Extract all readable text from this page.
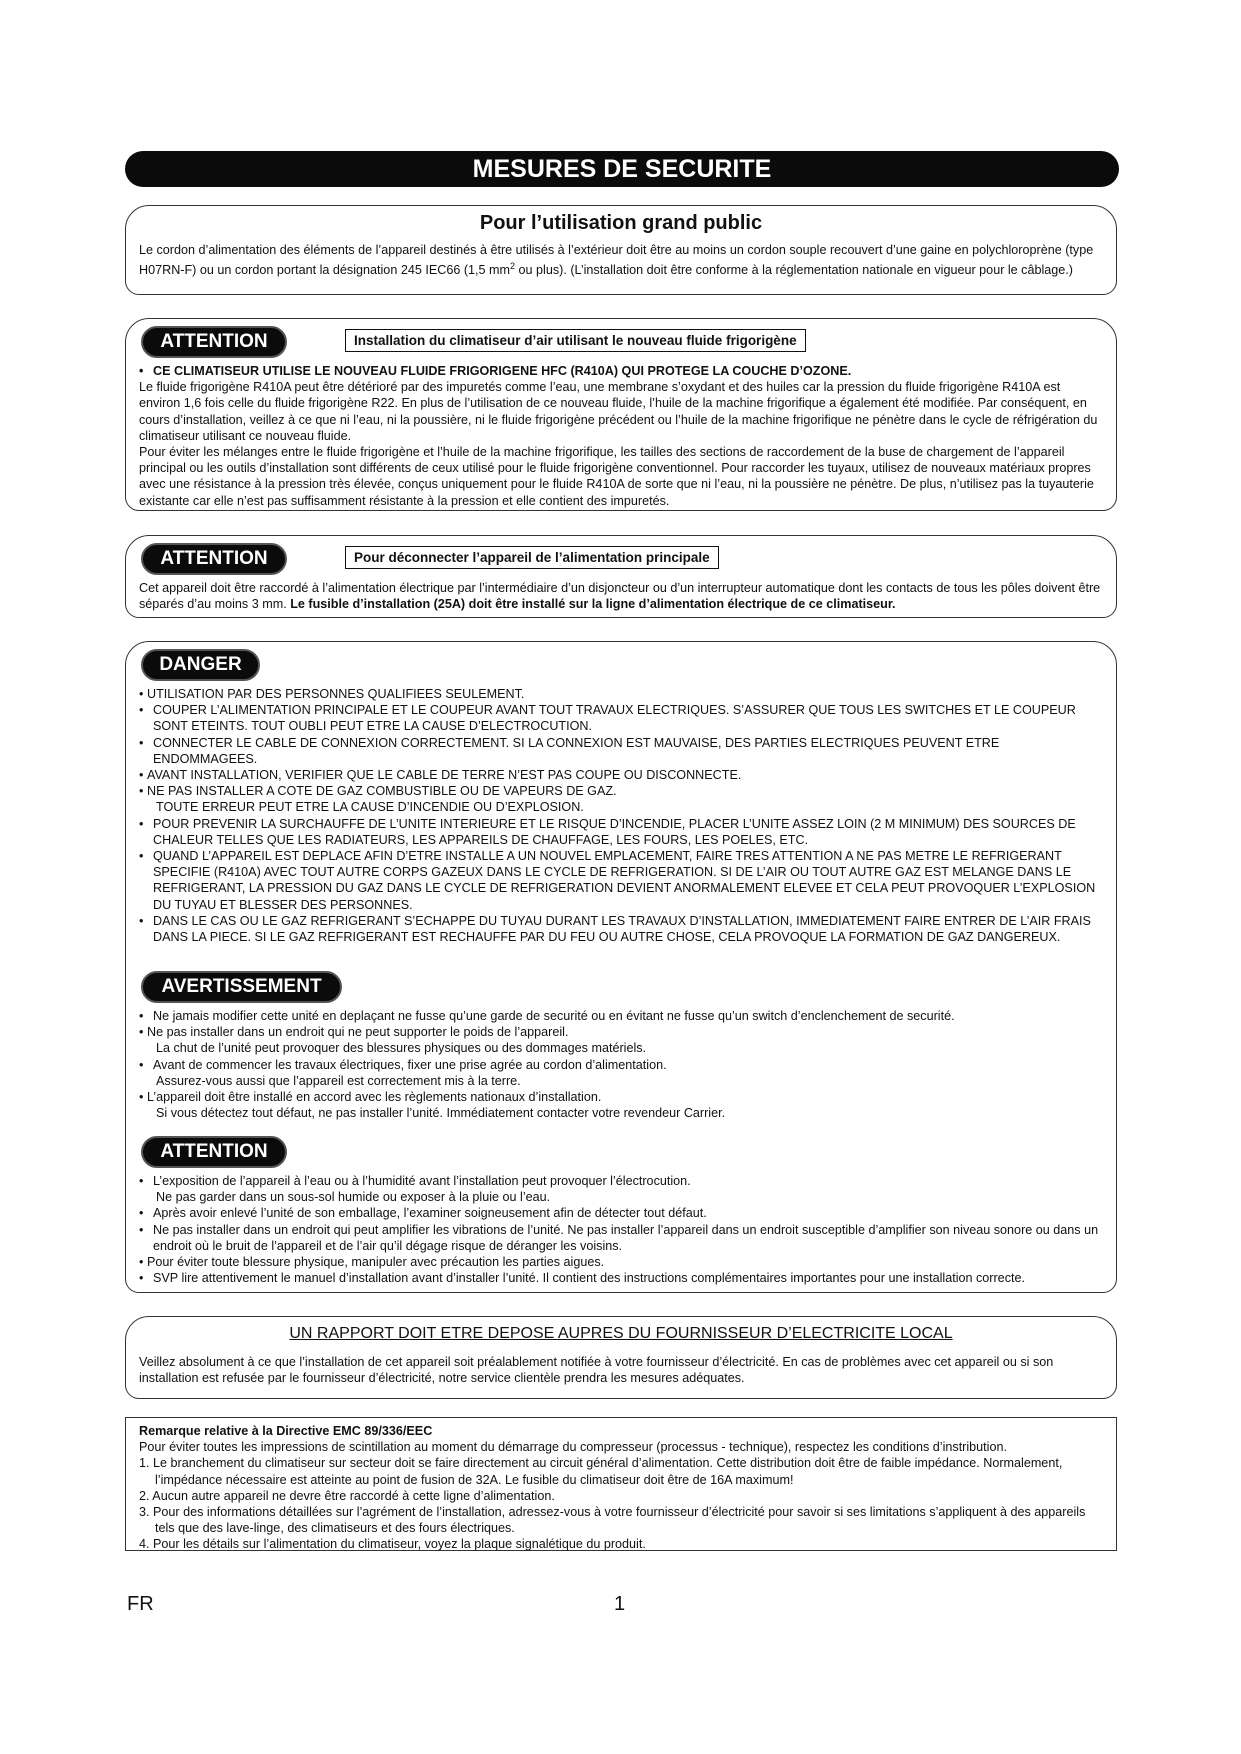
MESURES DE SECURITE
Pour l’utilisation grand public

Le cordon d’alimentation des éléments de l’appareil destinés à être utilisés à l’extérieur doit être au moins un cordon souple recouvert d’une gaine en polychloroprène (type H07RN-F) ou un cordon portant la désignation 245 IEC66 (1,5 $mm^2$ ou plus). (L’installation doit être conforme à la réglementation nationale en vigueur pour le câblage.)

• CE CLIMATISEUR UTILISE LE NOUVEAU FLUIDE FRIGORIGENE HFC (R410A) QUI PROTEGE LA COUCHE D’OZONE.

Le fluide frigorigène R410A peut être détérioré par des impuretés comme l’eau, une membrane s’oxydant et des huiles car la pression du fluide frigorigène R410A est environ 1,6 fois celle du fluide frigorigène R22. En plus de l’utilisation de ce nouveau fluide, l’huile de la machine frigorifique a également été modifiée. Par conséquent, en cours d’installation, veillez à ce que ni l’eau, ni la poussière, ni le fluide frigorigène précédent ou l’huile de la machine frigorifique ne pénètre dans le cycle de réfrigération du climatiseur utilisant ce nouveau fluide.

Pour éviter les mélanges entre le fluide frigorigène et l’huile de la machine frigorifique, les tailles des sections de raccordement de la buse de chargement de l’appareil principal ou les outils d’installation sont différents de ceux utilisé pour le fluide frigorigène conventionnel. Pour raccorder les tuyaux, utilisez de nouveaux matériaux propres avec une résistance à la pression très élevée, conçus uniquement pour le fluide R410A de sorte que ni l’eau, ni la poussière ne pénètre. De plus, n’utilisez pas la tuyauterie existante car elle n’est pas suffisamment résistante à la pression et elle contient des impuretés.

ATTENTION	Installation du climatiseur d’air utilisant le nouveau fluide frigorigène

Cet appareil doit être raccordé à l’alimentation électrique par l’intermédiaire d’un disjoncteur ou d’un interrupteur automatique dont les contacts de tous les pôles doivent être séparés d’au moins 3 mm. Le fusible d’installation (25A) doit être installé sur la ligne d’alimentation électrique de ce climatiseur.

ATTENTION	Pour déconnecter l’appareil de l’alimentation principale
• UTILISATION PAR DES PERSONNES QUALIFIEES SEULEMENT.
• COUPER L’ALIMENTATION PRINCIPALE ET LE COUPEUR AVANT TOUT TRAVAUX ELECTRIQUES. S’ASSURER QUE TOUS LES SWITCHES ET LE COUPEUR SONT ETEINTS. TOUT OUBLI PEUT ETRE LA CAUSE D’ELECTROCUTION.
• CONNECTER LE CABLE DE CONNEXION CORRECTEMENT. SI LA CONNEXION EST MAUVAISE, DES PARTIES ELECTRIQUES PEUVENT ETRE ENDOMMAGEES.
• AVANT INSTALLATION, VERIFIER QUE LE CABLE DE TERRE N’EST PAS COUPE OU DISCONNECTE.
• NE PAS INSTALLER A COTE DE GAZ COMBUSTIBLE OU DE VAPEURS DE GAZ.
TOUTE ERREUR PEUT ETRE LA CAUSE D’INCENDIE OU D’EXPLOSION.
• POUR PREVENIR LA SURCHAUFFE DE L’UNITE INTERIEURE ET LE RISQUE D’INCENDIE, PLACER L’UNITE ASSEZ LOIN (2 M MINIMUM) DES SOURCES DE CHALEUR TELLES QUE LES RADIATEURS, LES APPAREILS DE CHAUFFAGE, LES FOURS, LES POELES, ETC.
• QUAND L’APPAREIL EST DEPLACE AFIN D’ETRE INSTALLE A UN NOUVEL EMPLACEMENT, FAIRE TRES ATTENTION A NE PAS METRE LE REFRIGERANT SPECIFIE (R410A) AVEC TOUT AUTRE CORPS GAZEUX DANS LE CYCLE DE REFRIGERATION. SI DE L’AIR OU TOUT AUTRE GAZ EST MELANGE DANS LE REFRIGERANT, LA PRESSION DU GAZ DANS LE CYCLE DE REFRIGERATION DEVIENT ANORMALEMENT ELEVEE ET CELA PEUT PROVOQUER L’EXPLOSION DU TUYAU ET BLESSER DES PERSONNES.
• DANS LE CAS OU LE GAZ REFRIGERANT S’ECHAPPE DU TUYAU DURANT LES TRAVAUX D’INSTALLATION, IMMEDIATEMENT FAIRE ENTRER DE L’AIR FRAIS DANS LA PIECE. SI LE GAZ REFRIGERANT EST RECHAUFFE PAR DU FEU OU AUTRE CHOSE, CELA PROVOQUE LA FORMATION DE GAZ DANGEREUX.
• Ne jamais modifier cette unité en deplaçant ne fusse qu’une garde de securité ou en évitant ne fusse qu’un switch d’enclenchement de securité.
• Ne pas installer dans un endroit qui ne peut supporter le poids de l’appareil.
La chut de l’unité peut provoquer des blessures physiques ou des dommages matériels.
• Avant de commencer les travaux électriques, fixer une prise agrée au cordon d’alimentation.
Assurez-vous aussi que l’appareil est correctement mis à la terre.
• L’appareil doit être installé en accord avec les règlements nationaux d’installation.
Si vous détectez tout défaut, ne pas installer l’unité. Immédiatement contacter votre revendeur Carrier.
• L’exposition de l’appareil à l’eau ou à l’humidité avant l’installation peut provoquer l’électrocution.
Ne pas garder dans un sous-sol humide ou exposer à la pluie ou l’eau.
• Après avoir enlevé l’unité de son emballage, l’examiner soigneusement afin de détecter tout défaut.
• Ne pas installer dans un endroit qui peut amplifier les vibrations de l’unité. Ne pas installer l’appareil dans un endroit susceptible d’amplifier son niveau sonore ou dans un endroit où le bruit de l’appareil et de l’air qu’il dégage risque de déranger les voisins.
• Pour éviter toute blessure physique, manipuler avec précaution les parties aigues.
• SVP lire attentivement le manuel d’installation avant d’installer l’unité. Il contient des instructions complémentaires importantes pour une installation correcte.
DANGER
AVERTISSEMENT
ATTENTION
UN RAPPORT DOIT ETRE DEPOSE AUPRES DU FOURNISSEUR D’ELECTRICITE LOCAL

Veillez absolument à ce que l’installation de cet appareil soit préalablement notifiée à votre fournisseur d’électricité. En cas de problèmes avec cet appareil ou si son installation est refusée par le fournisseur d’électricité, notre service clientèle prendra les mesures adéquates.

Remarque relative à la Directive EMC 89/336/EEC

Pour éviter toutes les impressions de scintillation au moment du démarrage du compresseur (processus - technique), respectez les conditions d’instribution.

1. Le branchement du climatiseur sur secteur doit se faire directement au circuit général d’alimentation. Cette distribution doit être de faible impédance. Normalement, l’impédance nécessaire est atteinte au point de fusion de 32A. Le fusible du climatiseur doit être de 16A maximum!
2. Aucun autre appareil ne devre être raccordé à cette ligne d’alimentation.
3. Pour des informations détaillées sur l’agrément de l’installation, adressez-vous à votre fournisseur d’électricité pour savoir si ses limitations s’appliquent à des appareils tels que des lave-linge, des climatiseurs et des fours électriques.
4. Pour les détails sur l’alimentation du climatiseur, voyez la plaque signalétique du produit.
FR	1
